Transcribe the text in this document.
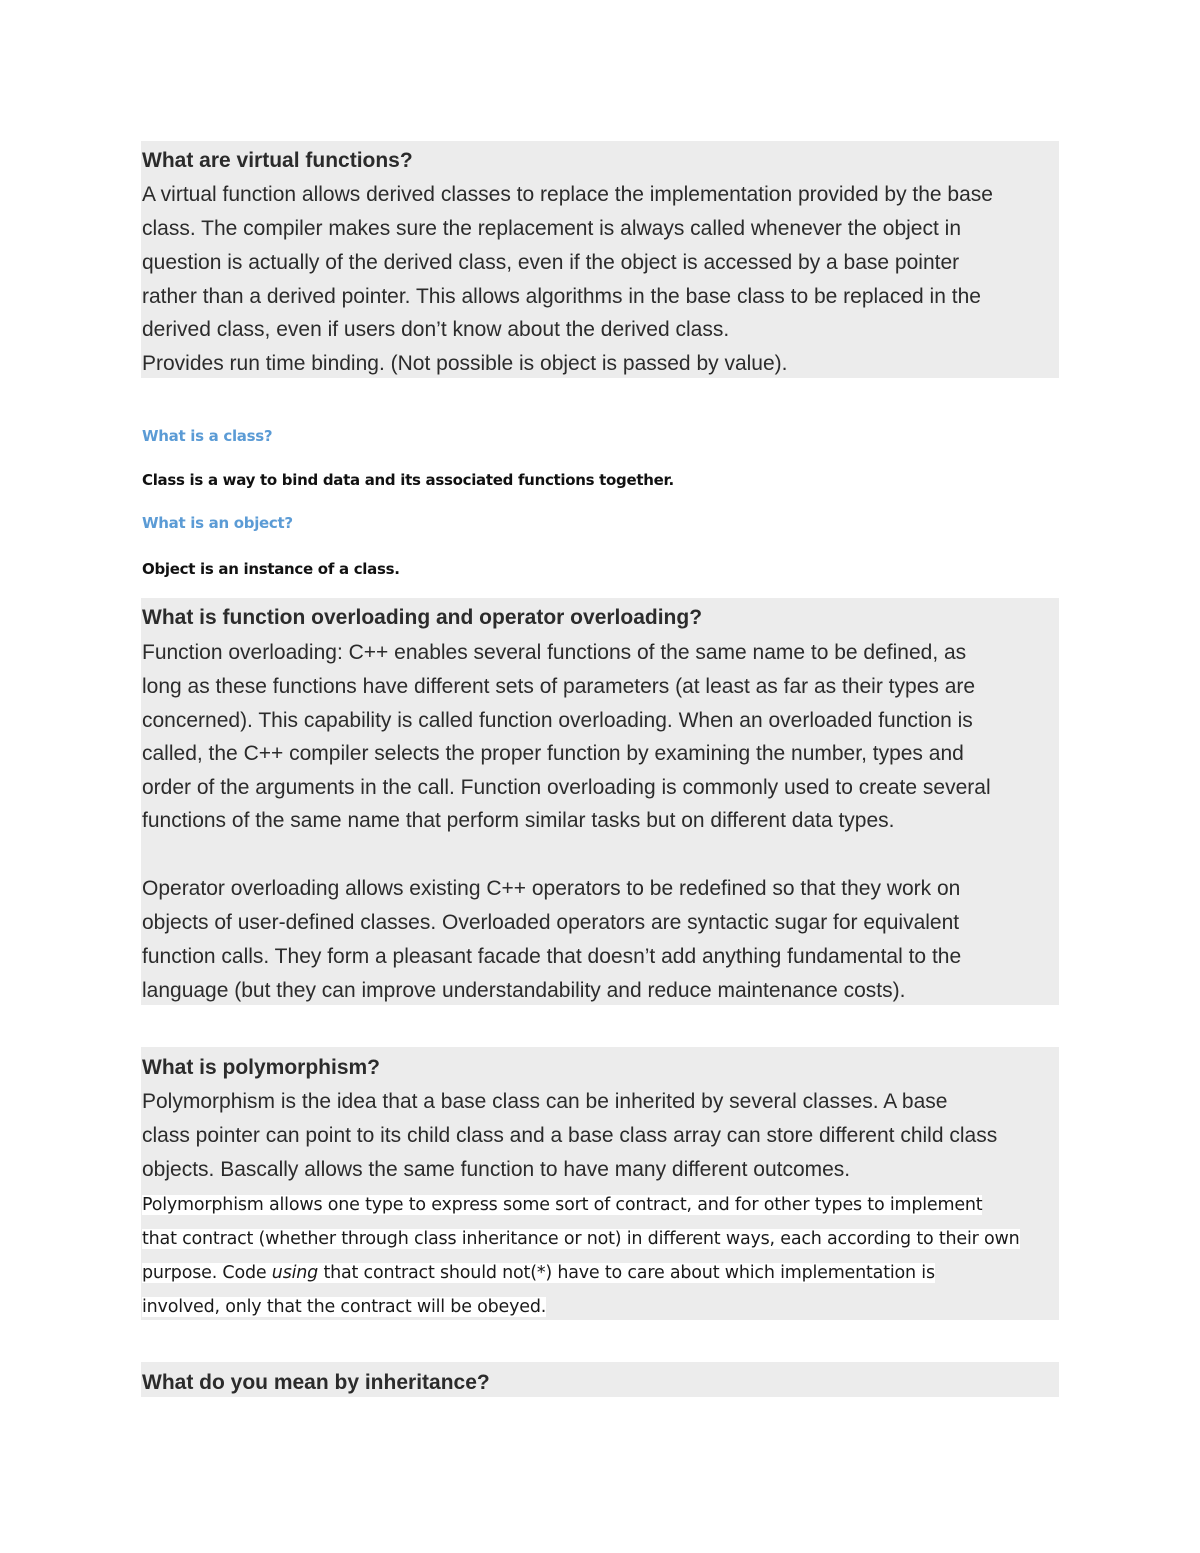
What are virtual functions?
A virtual function allows derived classes to replace the implementation provided by the base
class. The compiler makes sure the replacement is always called whenever the object in
question is actually of the derived class, even if the object is accessed by a base pointer
rather than a derived pointer. This allows algorithms in the base class to be replaced in the
derived class, even if users don’t know about the derived class.
Provides run time binding. (Not possible is object is passed by value).
What is a class?
Class is a way to bind data and its associated functions together.
What is an object?
Object is an instance of a class.
What is function overloading and operator overloading?
Function overloading: C++ enables several functions of the same name to be defined, as
long as these functions have different sets of parameters (at least as far as their types are
concerned). This capability is called function overloading. When an overloaded function is
called, the C++ compiler selects the proper function by examining the number, types and
order of the arguments in the call. Function overloading is commonly used to create several
functions of the same name that perform similar tasks but on different data types.
Operator overloading allows existing C++ operators to be redefined so that they work on
objects of user-defined classes. Overloaded operators are syntactic sugar for equivalent
function calls. They form a pleasant facade that doesn’t add anything fundamental to the
language (but they can improve understandability and reduce maintenance costs).
What is polymorphism?
Polymorphism is the idea that a base class can be inherited by several classes. A base
class pointer can point to its child class and a base class array can store different child class
objects. Bascally allows the same function to have many different outcomes.
Polymorphism allows one type to express some sort of contract, and for other types to implement
that contract (whether through class inheritance or not) in different ways, each according to their own
purpose. Code using that contract should not(*) have to care about which implementation is
involved, only that the contract will be obeyed.
What do you mean by inheritance?
